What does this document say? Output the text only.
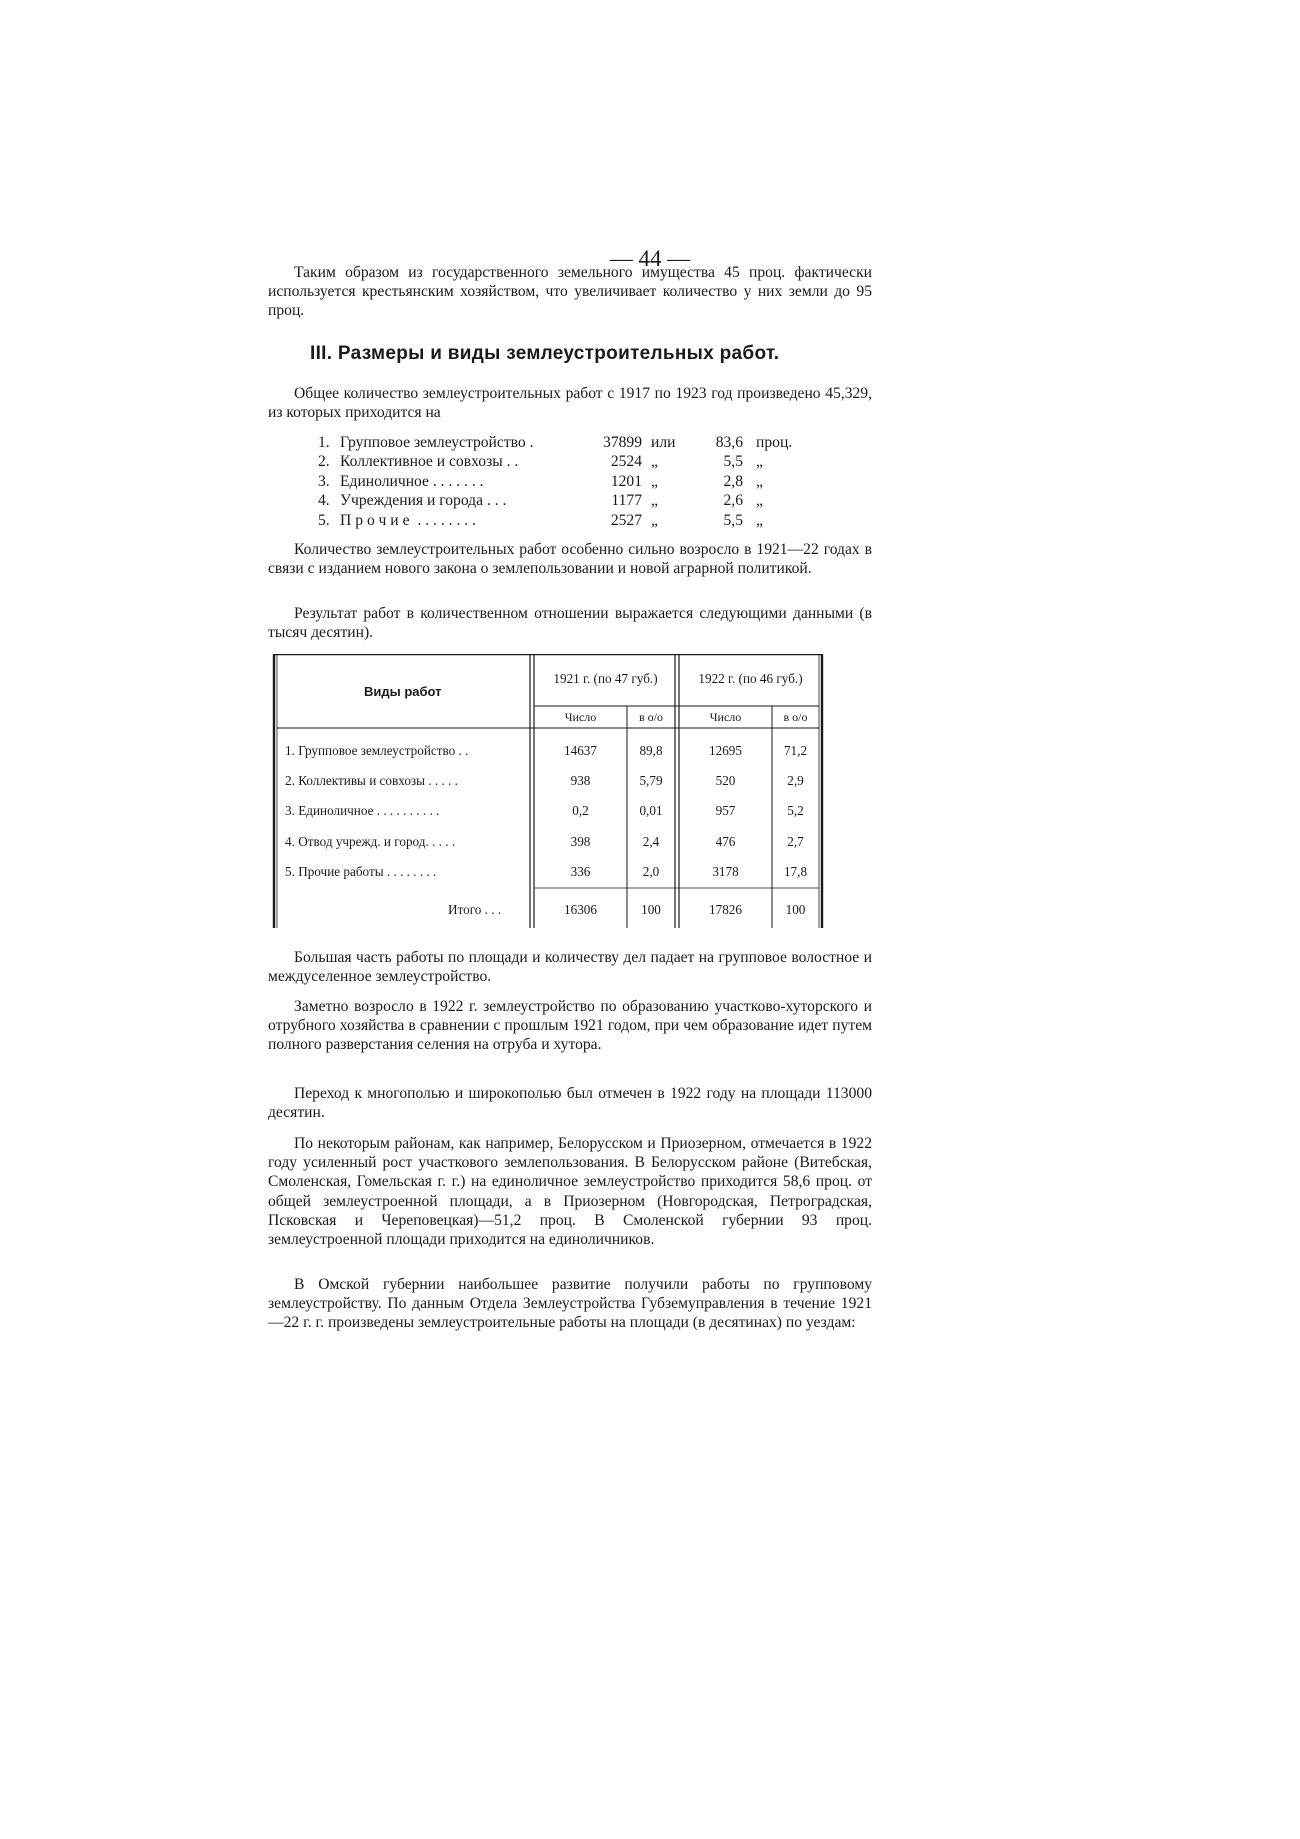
— 44 —
Таким образом из государственного земельного имущества 45 проц. фактически используется крестьянским хозяйством, что увеличивает количество у них земли до 95 проц.
III. Размеры и виды землеустроительных работ.
Общее количество землеустроительных работ с 1917 по 1923 год произведено 45,329, из которых приходится на
1. Групповое землеустройство .	37899 или	83,6 проц.
2. Коллективное и совхозы . .	2524 „	5,5 „
3. Единоличное . . . . . . .	1201 „	2,8 „
4. Учреждения и города . . .	1177 „	2,6 „
5. Прочие . . . . . . . .	2527 „	5,5 „
Количество землеустроительных работ особенно сильно возросло в 1921—22 годах в связи с изданием нового закона о землепользовании и новой аграрной политикой.
Результат работ в количественном отношении выражается следующими данными (в тысяч десятин).
Виды работ
1921 г. (по 47 губ.)	1922 г. (по 46 губ.)
Число	в о/о	Число	в о/о
1. Групповое землеустройство . .	14637	89,8	12695	71,2
2. Коллективы и совхозы . . . . .	938	5,79	520	2,9
3. Единоличное . . . . . . . . . .	0,2	0,01	957	5,2
4. Отвод учрежд. и город. . . . .	398	2,4	476	2,7
5. Прочие работы . . . . . . . .	336	2,0	3178	17,8
Итого . . .	16306	100	17826	100
Большая часть работы по площади и количеству дел падает на групповое волостное и междуселенное землеустройство.
Заметно возросло в 1922 г. землеустройство по образованию участково-хуторского и отрубного хозяйства в сравнении с прошлым 1921 годом, при чем образование идет путем полного разверстания селения на отруба и хутора.
Переход к многополью и широкополью был отмечен в 1922 году на площади 113000 десятин.
По некоторым районам, как например, Белорусском и Приозерном, отмечается в 1922 году усиленный рост участкового землепользования. В Белорусском районе (Витебская, Смоленская, Гомельская г. г.) на единоличное землеустройство приходится 58,6 проц. от общей землеустроенной площади, а в Приозерном (Новгородская, Петроградская, Псковская и Череповецкая)—51,2 проц. В Смоленской губернии 93 проц. землеустроенной площади приходится на единоличников.
В Омской губернии наибольшее развитие получили работы по групповому землеустройству. По данным Отдела Землеустройства Губземуправления в течение 1921—22 г. г. произведены землеустроительные работы на площади (в десятинах) по уездам:
